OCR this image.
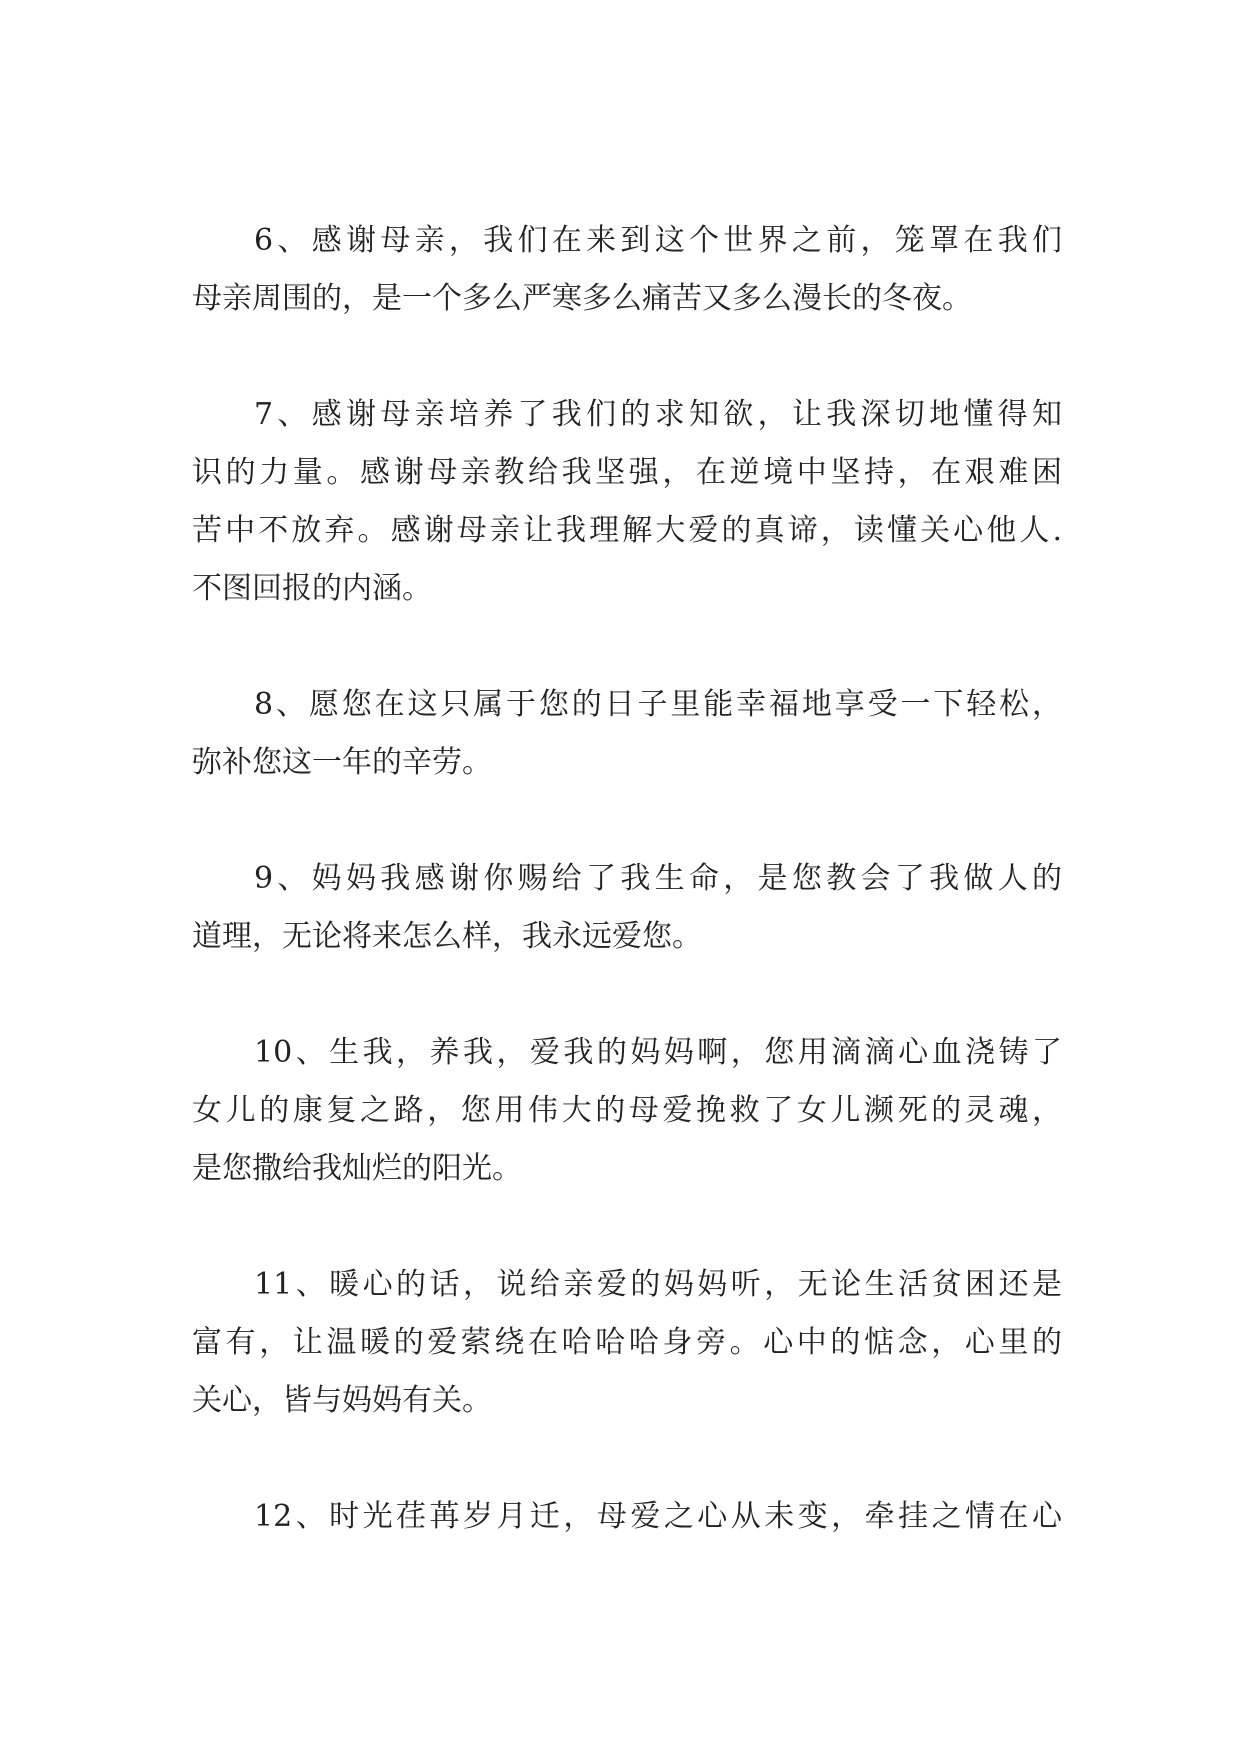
6、感谢母亲，我们在来到这个世界之前，笼罩在我们
母亲周围的，是一个多么严寒多么痛苦又多么漫长的冬夜。
7、感谢母亲培养了我们的求知欲，让我深切地懂得知
识的力量。感谢母亲教给我坚强，在逆境中坚持，在艰难困
苦中不放弃。感谢母亲让我理解大爱的真谛，读懂关心他人.
不图回报的内涵。
8、愿您在这只属于您的日子里能幸福地享受一下轻松，
弥补您这一年的辛劳。
9、妈妈我感谢你赐给了我生命，是您教会了我做人的
道理，无论将来怎么样，我永远爱您。
10、生我，养我，爱我的妈妈啊，您用滴滴心血浇铸了
女儿的康复之路，您用伟大的母爱挽救了女儿濒死的灵魂，
是您撒给我灿烂的阳光。
11、暖心的话，说给亲爱的妈妈听，无论生活贫困还是
富有，让温暖的爱萦绕在哈哈哈身旁。心中的惦念，心里的
关心，皆与妈妈有关。
12、时光荏苒岁月迁，母爱之心从未变，牵挂之情在心
